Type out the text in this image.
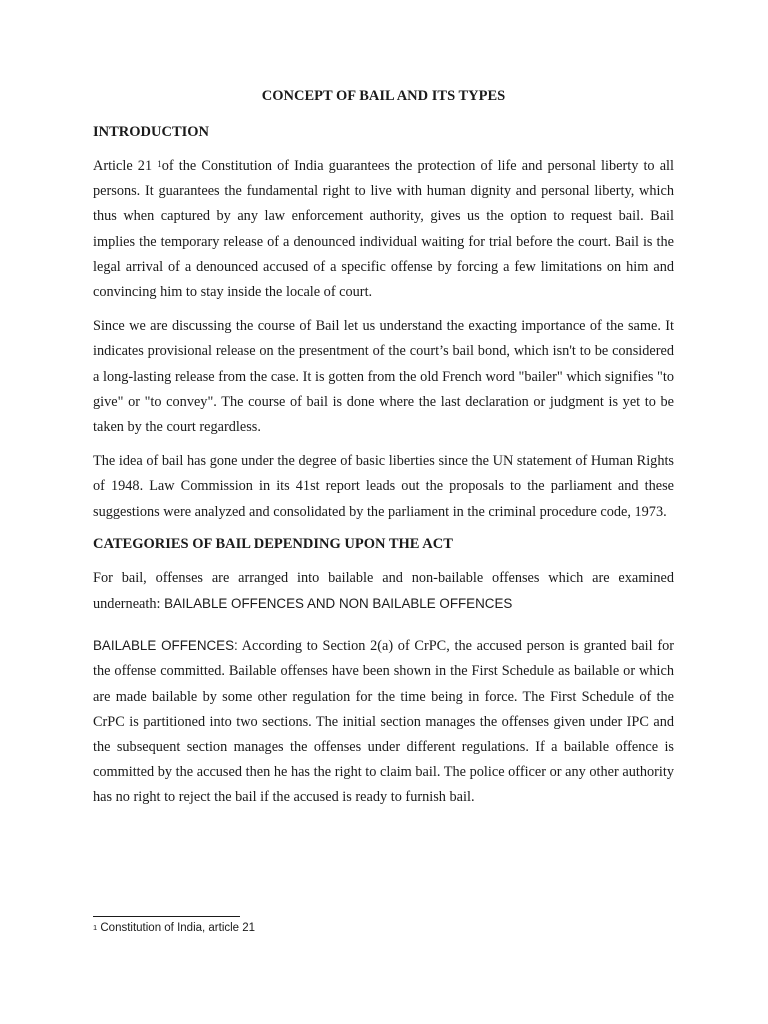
CONCEPT OF BAIL AND ITS TYPES
INTRODUCTION

Article 21 $^1$of the Constitution of India guarantees the protection of life and personal liberty to all persons. It guarantees the fundamental right to live with human dignity and personal liberty, which thus when captured by any law enforcement authority, gives us the option to request bail. Bail implies the temporary release of a denounced individual waiting for trial before the court. Bail is the legal arrival of a denounced accused of a specific offense by forcing a few limitations on him and convincing him to stay inside the locale of court.

Since we are discussing the course of Bail let us understand the exacting importance of the same. It indicates provisional release on the presentment of the court’s bail bond, which isn't to be considered a long-lasting release from the case. It is gotten from the old French word "bailer" which signifies "to give" or "to convey". The course of bail is done where the last declaration or judgment is yet to be taken by the court regardless.

The idea of bail has gone under the degree of basic liberties since the UN statement of Human Rights of 1948. Law Commission in its 41st report leads out the proposals to the parliament and these suggestions were analyzed and consolidated by the parliament in the criminal procedure code, 1973.

CATEGORIES OF BAIL DEPENDING UPON THE ACT

For bail, offenses are arranged into bailable and non-bailable offenses which are examined underneath: BAILABLE OFFENCES AND NON BAILABLE OFFENCES

BAILABLE OFFENCES: According to Section 2(a) of CrPC, the accused person is granted bail for the offense committed. Bailable offenses have been shown in the First Schedule as bailable or which are made bailable by some other regulation for the time being in force. The First Schedule of the CrPC is partitioned into two sections. The initial section manages the offenses given under IPC and the subsequent section manages the offenses under different regulations. If a bailable offence is committed by the accused then he has the right to claim bail. The police officer or any other authority has no right to reject the bail if the accused is ready to furnish bail.

$^1$ Constitution of India, article 21
